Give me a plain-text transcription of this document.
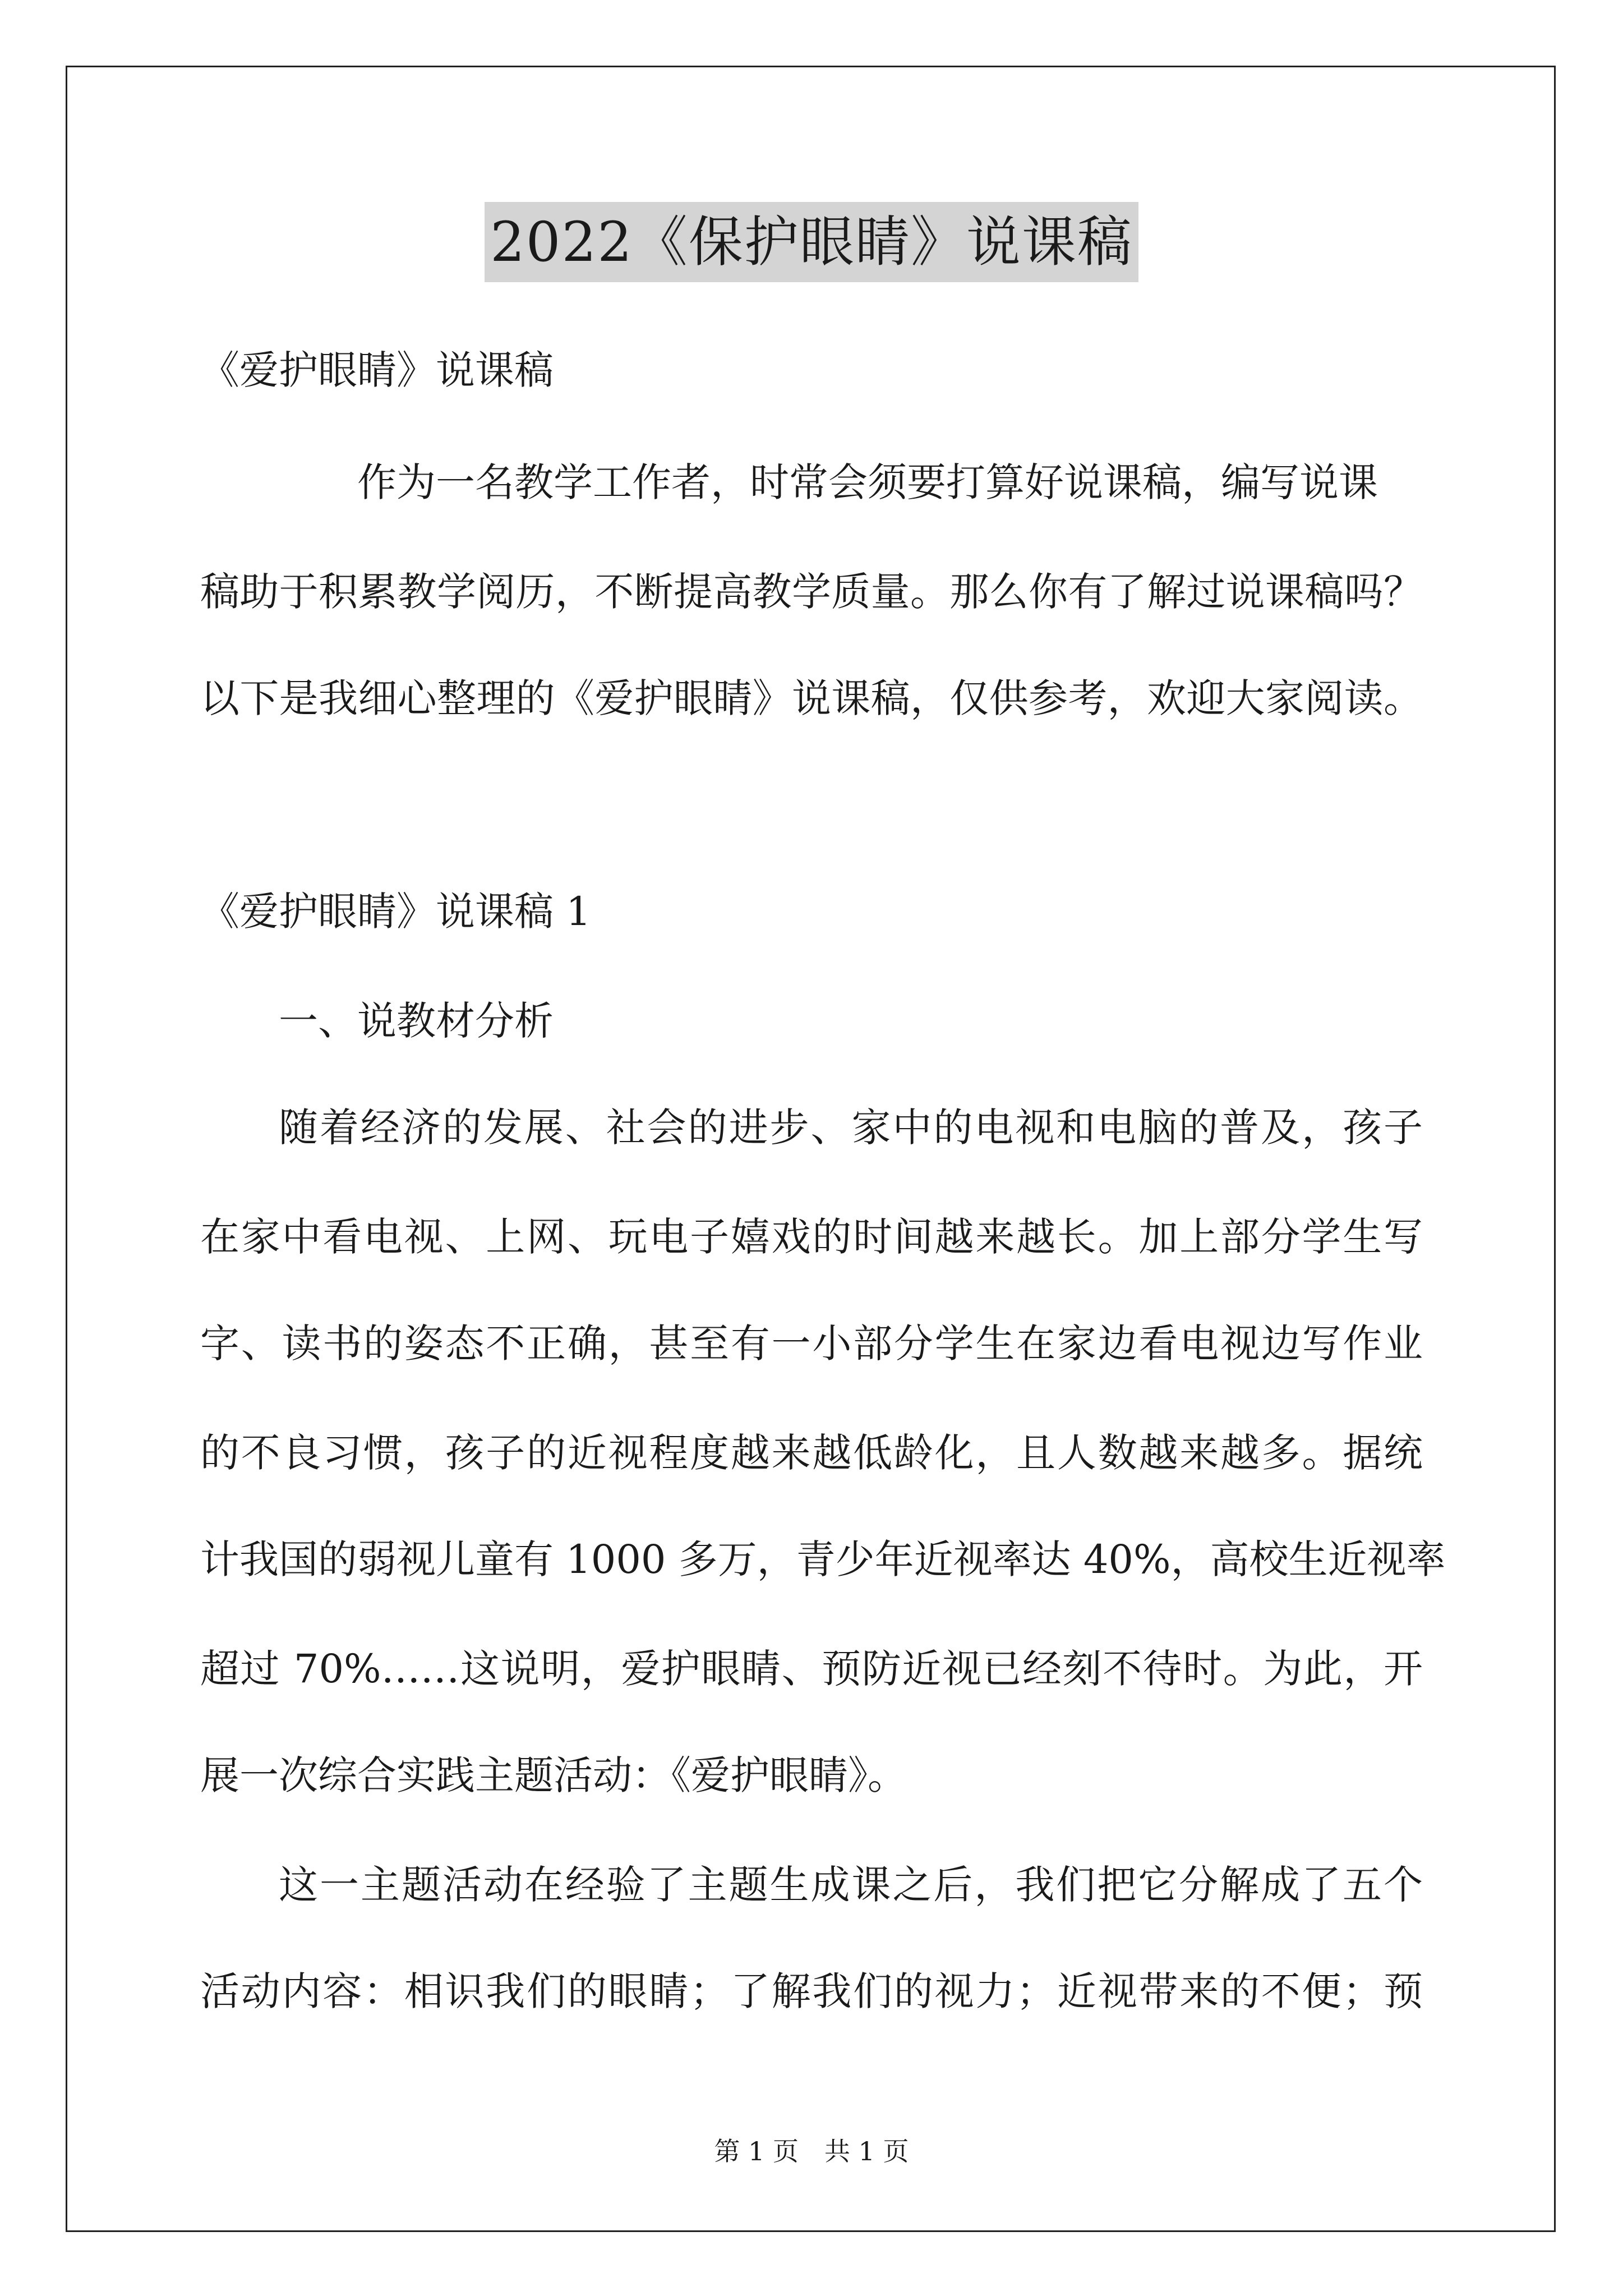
2022《保护眼睛》说课稿
《爱护眼睛》说课稿
作为一名教学工作者，时常会须要打算好说课稿，编写说课
稿助于积累教学阅历，不断提高教学质量。那么你有了解过说课稿吗？
以下是我细心整理的《爱护眼睛》说课稿，仅供参考，欢迎大家阅读。
《爱护眼睛》说课稿 1
一、说教材分析
随着经济的发展、社会的进步、家中的电视和电脑的普及，孩子
在家中看电视、上网、玩电子嬉戏的时间越来越长。加上部分学生写
字、读书的姿态不正确，甚至有一小部分学生在家边看电视边写作业
的不良习惯，孩子的近视程度越来越低龄化，且人数越来越多。据统
计我国的弱视儿童有 1000 多万，青少年近视率达 40%，高校生近视率
超过 70%……这说明，爱护眼睛、预防近视已经刻不待时。为此，开
展一次综合实践主题活动：《爱护眼睛》。
这一主题活动在经验了主题生成课之后，我们把它分解成了五个
活动内容：相识我们的眼睛；了解我们的视力；近视带来的不便；预
第 1 页　共 1 页
